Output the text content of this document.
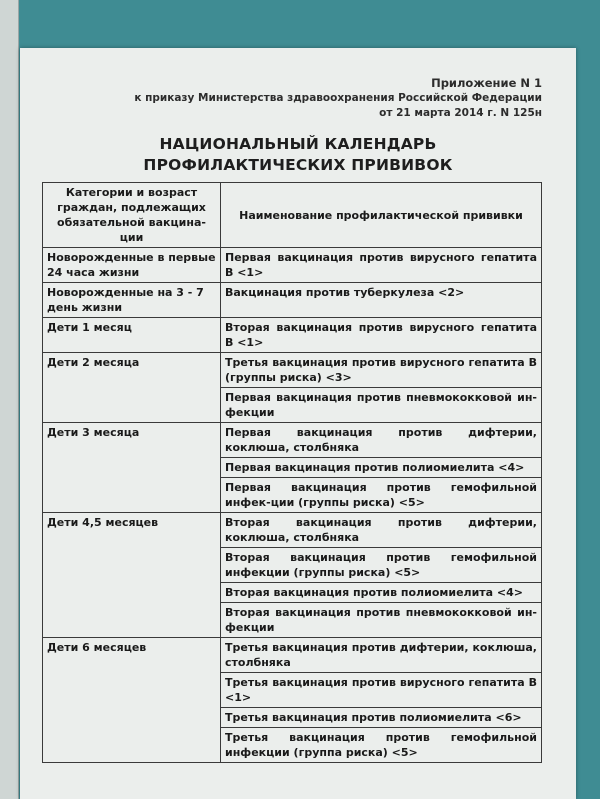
Приложение N 1
к приказу Министерства здравоохранения Российской Федерации
от 21 марта 2014 г. N 125н
НАЦИОНАЛЬНЫЙ КАЛЕНДАРЬ
ПРОФИЛАКТИЧЕСКИХ ПРИВИВОК
Категории и возраст граждан, подлежащих обязательной вакцина-ции	Наименование профилактической прививки
Новорожденные в первые 24 часа жизни	Первая вакцинация против вирусного гепатита В <1>
Новорожденные на 3 - 7 день жизни	Вакцинация против туберкулеза <2>
Дети 1 месяц	Вторая вакцинация против вирусного гепатита В <1>
Дети 2 месяца	Третья вакцинация против вирусного гепатита В (группы риска) <3>
	Первая вакцинация против пневмококковой ин-фекции
Дети 3 месяца	Первая вакцинация против дифтерии, коклюша, столбняка
	Первая вакцинация против полиомиелита <4>
	Первая вакцинация против гемофильной инфек-ции (группы риска) <5>
Дети 4,5 месяцев	Вторая вакцинация против дифтерии, коклюша, столбняка
	Вторая вакцинация против гемофильной инфекции (группы риска) <5>
	Вторая вакцинация против полиомиелита <4>
	Вторая вакцинация против пневмококковой ин-фекции
Дети 6 месяцев	Третья вакцинация против дифтерии, коклюша, столбняка
	Третья вакцинация против вирусного гепатита В <1>
	Третья вакцинация против полиомиелита <6>
	Третья вакцинация против гемофильной инфекции (группа риска) <5>
